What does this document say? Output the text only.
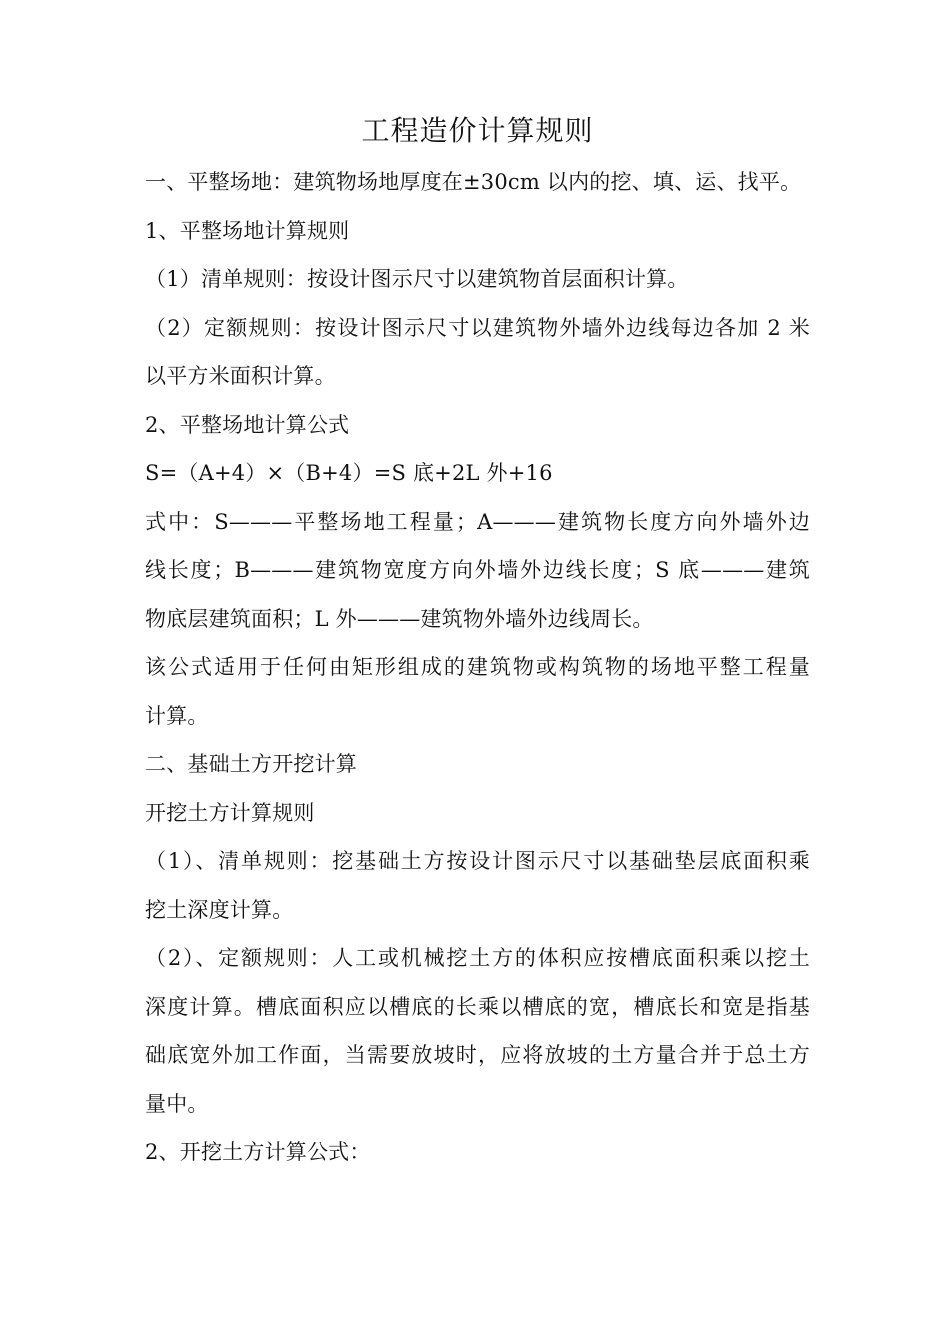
工程造价计算规则

一、平整场地：建筑物场地厚度在±30cm 以内的挖、填、运、找平。

1、平整场地计算规则

（1）清单规则：按设计图示尺寸以建筑物首层面积计算。

（2）定额规则：按设计图示尺寸以建筑物外墙外边线每边各加 2 米

以平方米面积计算。

2、平整场地计算公式

S=（A+4）×（B+4）=S 底+2L 外+16

式中：S———平整场地工程量；A———建筑物长度方向外墙外边

线长度；B———建筑物宽度方向外墙外边线长度；S 底———建筑

物底层建筑面积；L 外———建筑物外墙外边线周长。

该公式适用于任何由矩形组成的建筑物或构筑物的场地平整工程量

计算。

二、基础土方开挖计算

开挖土方计算规则

（1）、清单规则：挖基础土方按设计图示尺寸以基础垫层底面积乘

挖土深度计算。

（2）、定额规则：人工或机械挖土方的体积应按槽底面积乘以挖土

深度计算。槽底面积应以槽底的长乘以槽底的宽，槽底长和宽是指基

础底宽外加工作面，当需要放坡时，应将放坡的土方量合并于总土方

量中。

2、开挖土方计算公式：
